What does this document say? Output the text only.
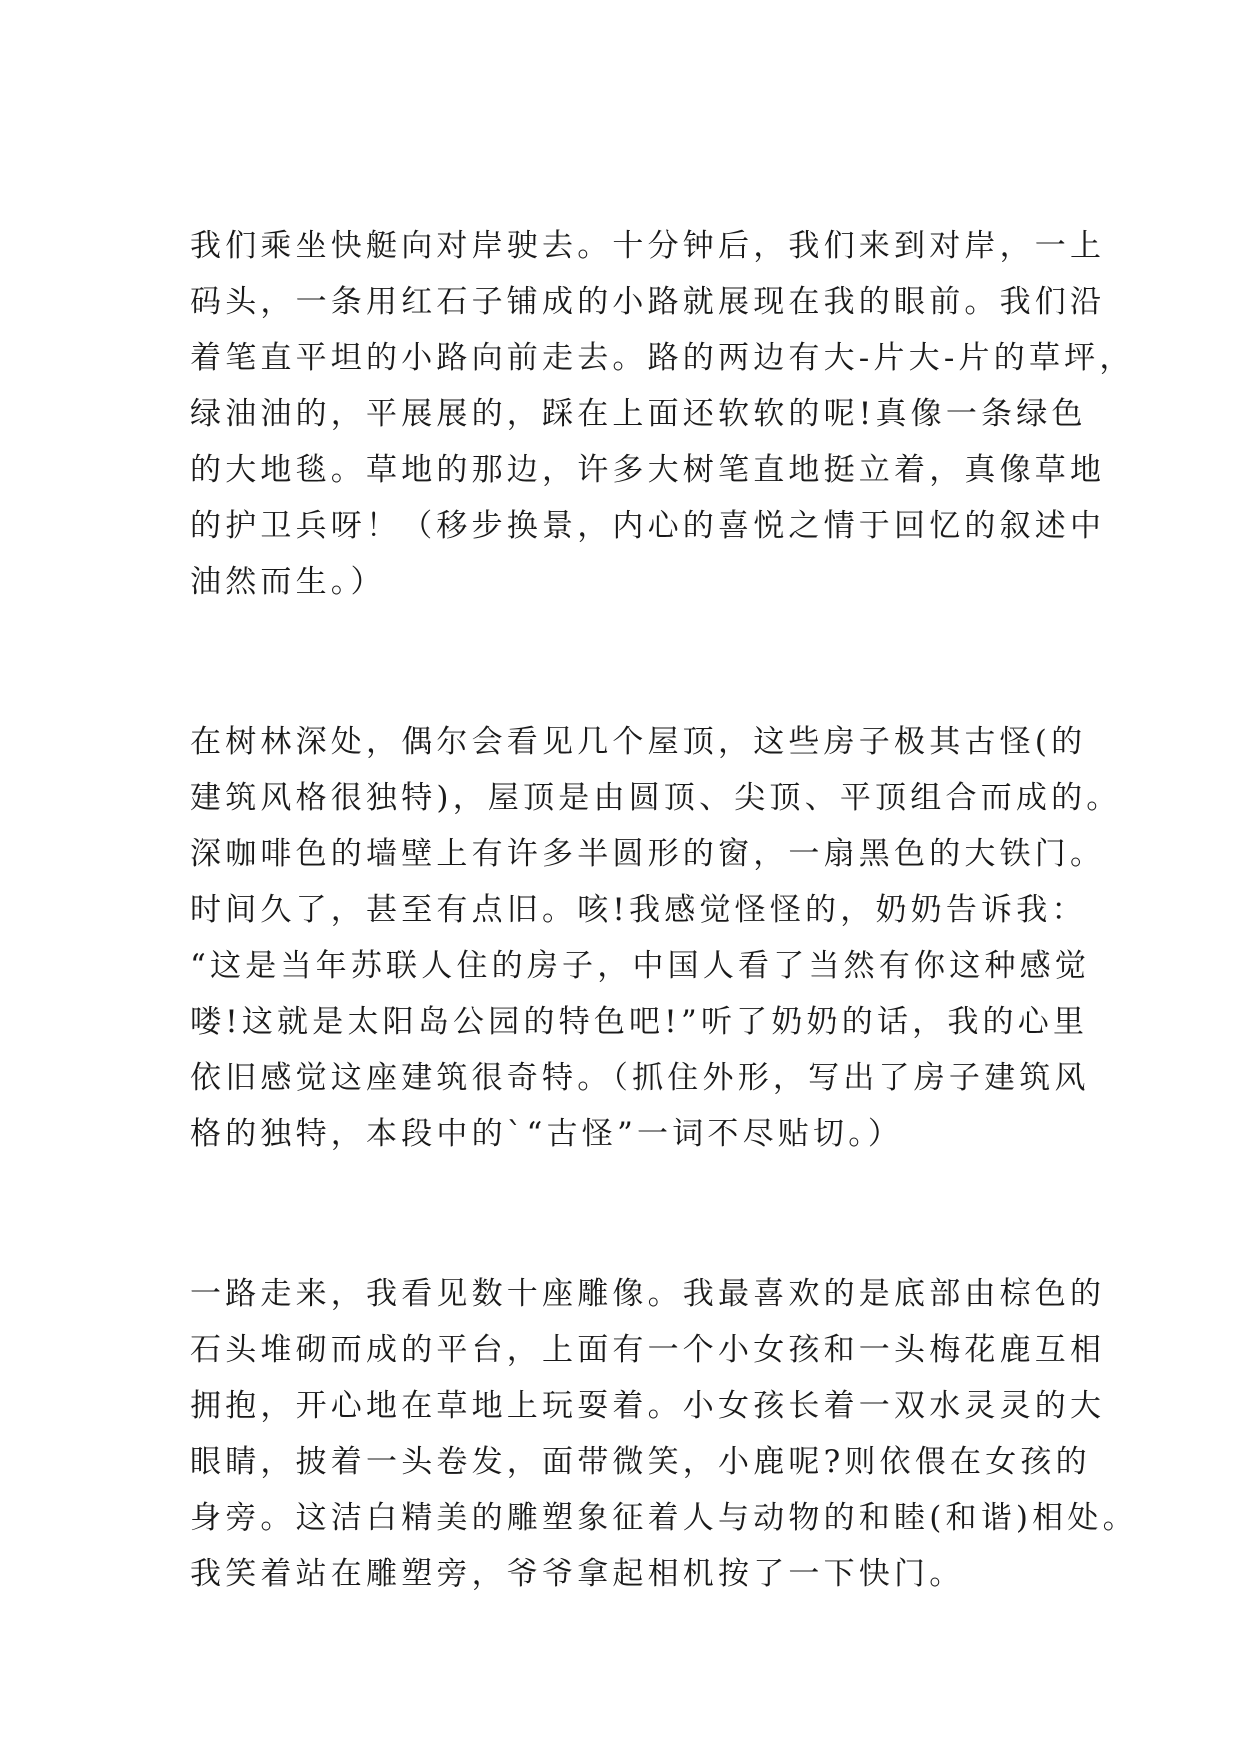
我们乘坐快艇向对岸驶去。十分钟后，我们来到对岸，一上
码头，一条用红石子铺成的小路就展现在我的眼前。我们沿
着笔直平坦的小路向前走去。路的两边有大-片大-片的草坪，
绿油油的，平展展的，踩在上面还软软的呢!真像一条绿色
的大地毯。草地的那边，许多大树笔直地挺立着，真像草地
的护卫兵呀！（移步换景，内心的喜悦之情于回忆的叙述中
油然而生。）
在树林深处，偶尔会看见几个屋顶，这些房子极其古怪(的
建筑风格很独特)，屋顶是由圆顶、尖顶、平顶组合而成的。
深咖啡色的墙壁上有许多半圆形的窗，一扇黑色的大铁门。
时间久了，甚至有点旧。咳!我感觉怪怪的，奶奶告诉我：
“这是当年苏联人住的房子，中国人看了当然有你这种感觉
喽!这就是太阳岛公园的特色吧!”听了奶奶的话，我的心里
依旧感觉这座建筑很奇特。（抓住外形，写出了房子建筑风
格的独特，本段中的`“古怪”一词不尽贴切。）
一路走来，我看见数十座雕像。我最喜欢的是底部由棕色的
石头堆砌而成的平台，上面有一个小女孩和一头梅花鹿互相
拥抱，开心地在草地上玩耍着。小女孩长着一双水灵灵的大
眼睛，披着一头卷发，面带微笑，小鹿呢?则依偎在女孩的
身旁。这洁白精美的雕塑象征着人与动物的和睦(和谐)相处。
我笑着站在雕塑旁，爷爷拿起相机按了一下快门。
